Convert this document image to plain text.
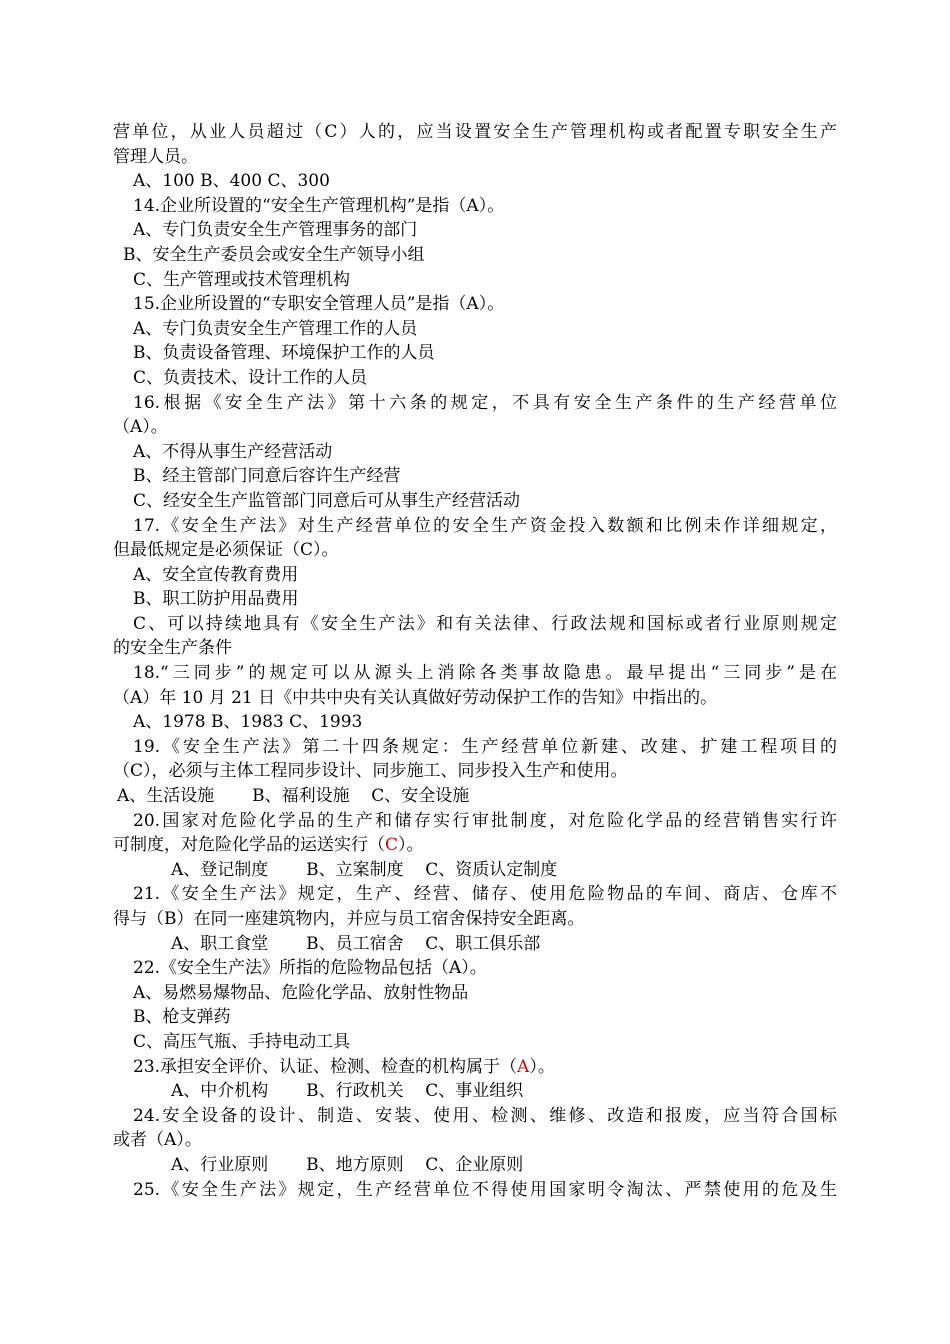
营单位，从业人员超过（C）人的，应当设置安全生产管理机构或者配置专职安全生产
管理人员。
A、100 B、400 C、300
14.企业所设置的“安全生产管理机构”是指（A）。
A、专门负责安全生产管理事务的部门
B、安全生产委员会或安全生产领导小组
C、生产管理或技术管理机构
15.企业所设置的“专职安全管理人员”是指（A）。
A、专门负责安全生产管理工作的人员
B、负责设备管理、环境保护工作的人员
C、负责技术、设计工作的人员
16.根据《安全生产法》第十六条的规定，不具有安全生产条件的生产经营单位
（A）。
A、不得从事生产经营活动
B、经主管部门同意后容许生产经营
C、经安全生产监管部门同意后可从事生产经营活动
17.《安全生产法》对生产经营单位的安全生产资金投入数额和比例未作详细规定，
但最低规定是必须保证（C）。
A、安全宣传教育费用
B、职工防护用品费用
C、可以持续地具有《安全生产法》和有关法律、行政法规和国标或者行业原则规定
的安全生产条件
18.“三同步”的规定可以从源头上消除各类事故隐患。最早提出“三同步”是在
（A）年 10 月 21 日《中共中央有关认真做好劳动保护工作的告知》中指出的。
A、1978 B、1983 C、1993
19.《安全生产法》第二十四条规定：生产经营单位新建、改建、扩建工程项目的
（C），必须与主体工程同步设计、同步施工、同步投入生产和使用。
A、生活设施       B、福利设施    C、安全设施
20.国家对危险化学品的生产和储存实行审批制度，对危险化学品的经营销售实行许
可制度，对危险化学品的运送实行（C）。
A、登记制度       B、立案制度    C、资质认定制度
21.《安全生产法》规定，生产、经营、储存、使用危险物品的车间、商店、仓库不
得与（B）在同一座建筑物内，并应与员工宿舍保持安全距离。
A、职工食堂       B、员工宿舍    C、职工俱乐部
22.《安全生产法》所指的危险物品包括（A）。
A、易燃易爆物品、危险化学品、放射性物品
B、枪支弹药
C、高压气瓶、手持电动工具
23.承担安全评价、认证、检测、检查的机构属于（A）。
A、中介机构       B、行政机关    C、事业组织
24.安全设备的设计、制造、安装、使用、检测、维修、改造和报废，应当符合国标
或者（A）。
A、行业原则       B、地方原则    C、企业原则
25.《安全生产法》规定，生产经营单位不得使用国家明令淘汰、严禁使用的危及生
